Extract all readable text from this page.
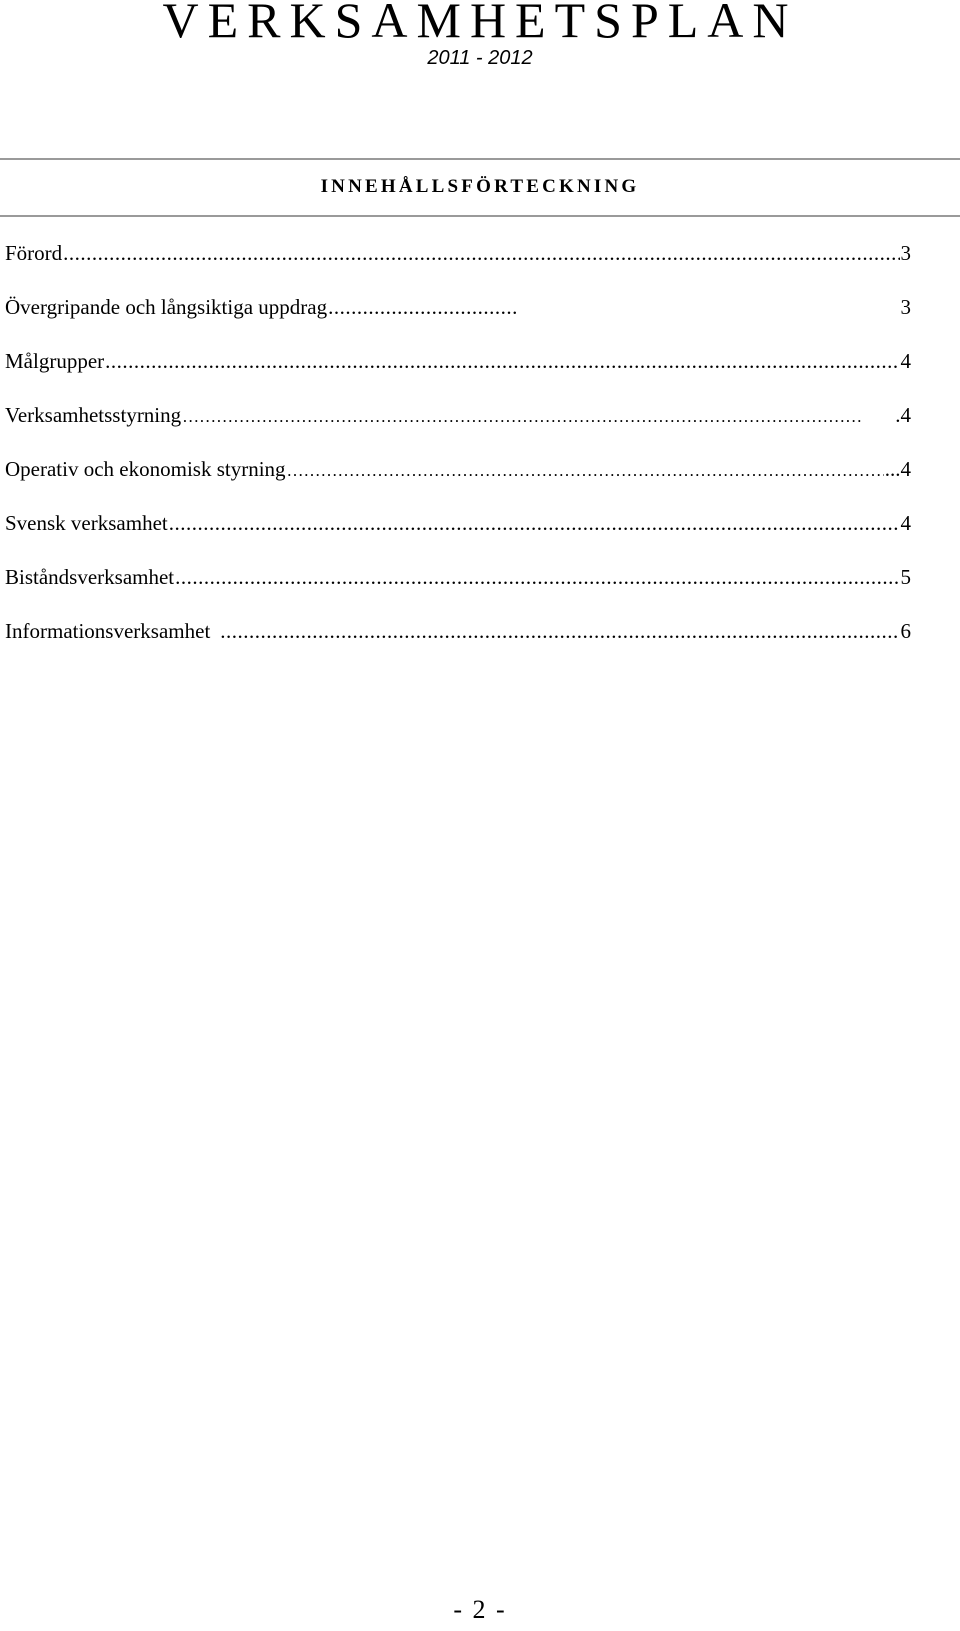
VERKSAMHETSPLAN
2011 - 2012
INNEHÅLLSFÖRTECKNING
Förord .....	3
Övergripande och långsiktiga uppdrag .....	3
Målgrupper .....	4
Verksamhetsstyrning …………………………………………………………………………………………………………	.4
Operativ och ekonomisk styrning …………………………………………………………………………………………………………	...4
Svensk verksamhet .....	4
Biståndsverksamhet .....	5
Informationsverksamhet .....	6
- 2 -
